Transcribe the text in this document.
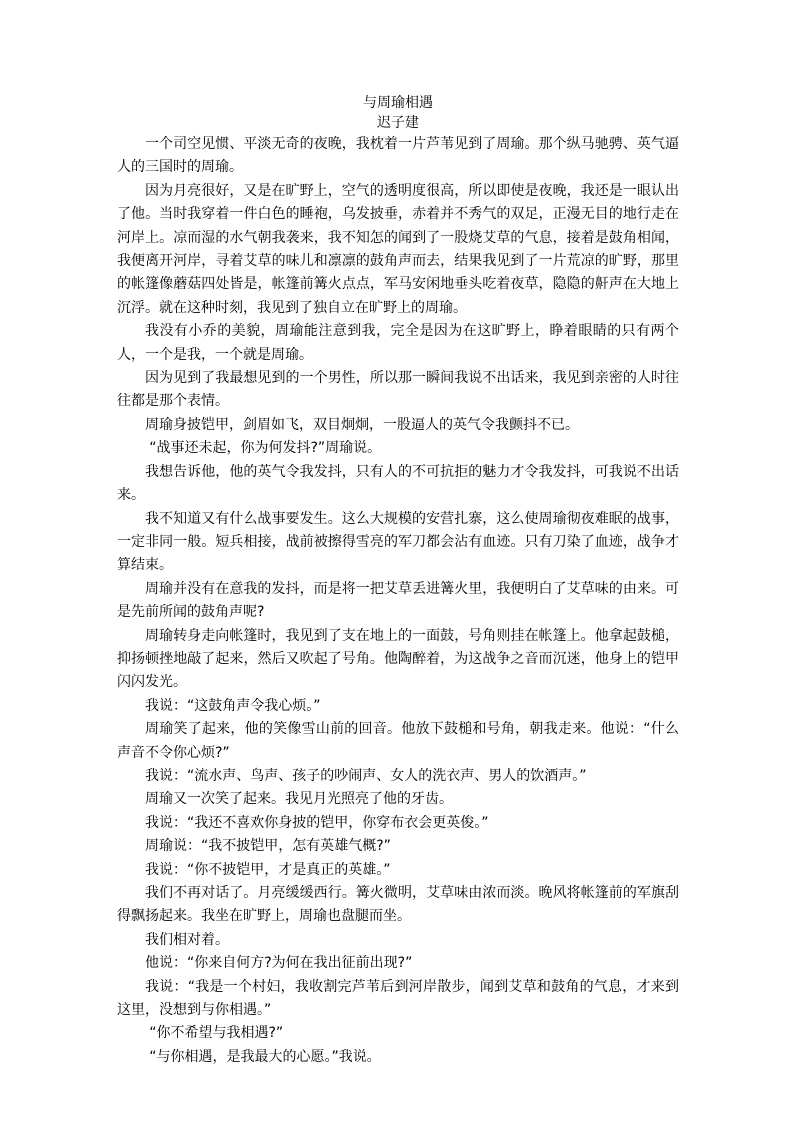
与周瑜相遇

迟子建

一个司空见惯、平淡无奇的夜晚，我枕着一片芦苇见到了周瑜。那个纵马驰骋、英气逼人的三国时的周瑜。

因为月亮很好，又是在旷野上，空气的透明度很高，所以即使是夜晚，我还是一眼认出了他。当时我穿着一件白色的睡袍，乌发披垂，赤着并不秀气的双足，正漫无目的地行走在河岸上。凉而湿的水气朝我袭来，我不知怎的闻到了一股烧艾草的气息，接着是鼓角相闻，我便离开河岸，寻着艾草的味儿和凛凛的鼓角声而去，结果我见到了一片荒凉的旷野，那里的帐篷像蘑菇四处皆是，帐篷前篝火点点，军马安闲地垂头吃着夜草，隐隐的鼾声在大地上沉浮。就在这种时刻，我见到了独自立在旷野上的周瑜。

我没有小乔的美貌，周瑜能注意到我，完全是因为在这旷野上，睁着眼睛的只有两个人，一个是我，一个就是周瑜。

因为见到了我最想见到的一个男性，所以那一瞬间我说不出话来，我见到亲密的人时往往都是那个表情。

周瑜身披铠甲，剑眉如飞，双目炯炯，一股逼人的英气令我颤抖不已。

“战事还未起，你为何发抖?”周瑜说。

我想告诉他，他的英气令我发抖，只有人的不可抗拒的魅力才令我发抖，可我说不出话来。

我不知道又有什么战事要发生。这么大规模的安营扎寨，这么使周瑜彻夜难眠的战事，一定非同一般。短兵相接，战前被擦得雪亮的军刀都会沾有血迹。只有刀染了血迹，战争才算结束。

周瑜并没有在意我的发抖，而是将一把艾草丢进篝火里，我便明白了艾草味的由来。可是先前所闻的鼓角声呢?

周瑜转身走向帐篷时，我见到了支在地上的一面鼓，号角则挂在帐篷上。他拿起鼓槌，抑扬顿挫地敲了起来，然后又吹起了号角。他陶醉着，为这战争之音而沉迷，他身上的铠甲闪闪发光。

我说：“这鼓角声令我心烦。”

周瑜笑了起来，他的笑像雪山前的回音。他放下鼓槌和号角，朝我走来。他说：“什么声音不令你心烦?”

我说：“流水声、鸟声、孩子的吵闹声、女人的洗衣声、男人的饮酒声。”

周瑜又一次笑了起来。我见月光照亮了他的牙齿。

我说：“我还不喜欢你身披的铠甲，你穿布衣会更英俊。”

周瑜说：“我不披铠甲，怎有英雄气概?”

我说：“你不披铠甲，才是真正的英雄。”

我们不再对话了。月亮缓缓西行。篝火微明，艾草味由浓而淡。晚风将帐篷前的军旗刮得飘扬起来。我坐在旷野上，周瑜也盘腿而坐。

我们相对着。

他说：“你来自何方?为何在我出征前出现?”

我说：“我是一个村妇，我收割完芦苇后到河岸散步，闻到艾草和鼓角的气息，才来到这里，没想到与你相遇。”

“你不希望与我相遇?”

“与你相遇，是我最大的心愿。”我说。
